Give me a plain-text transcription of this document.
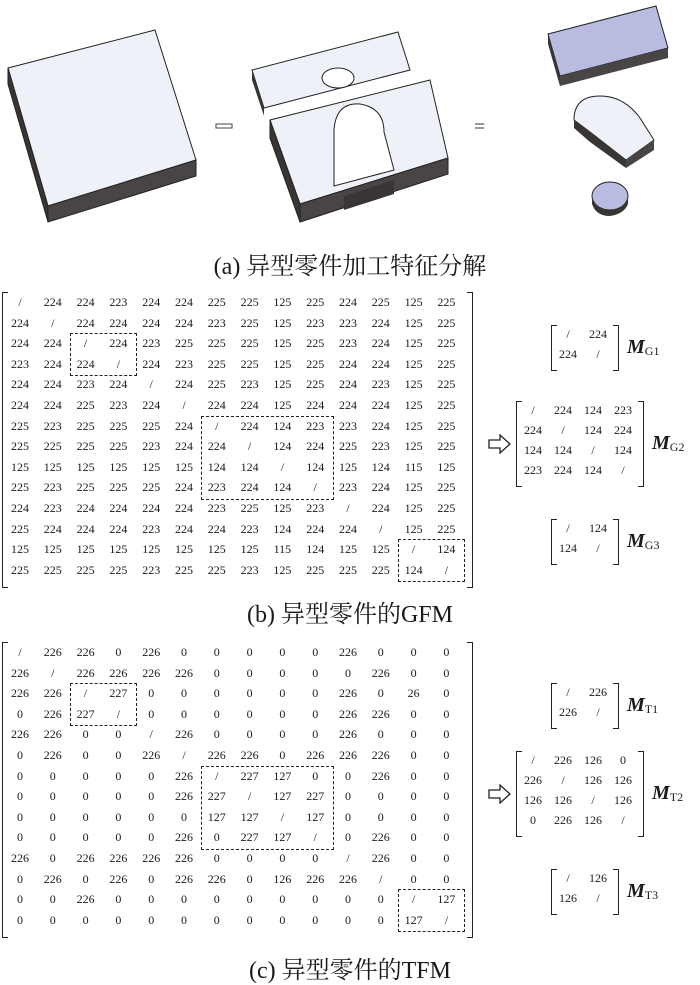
=
(a) 异型零件加工特征分解
/	224	224	223	224	224	225	225	125	225	224	225	125	225
224	/	224	224	224	224	223	225	125	223	223	224	125	225
224	224	/	224	223	225	225	225	125	225	223	224	125	225
223	224	224	/	224	223	225	225	125	225	224	224	125	225
224	224	223	224	/	224	225	223	125	225	224	223	125	225
224	224	225	223	224	/	224	224	125	224	224	224	125	225
225	223	225	225	225	224	/	224	124	223	223	224	125	225
225	225	225	225	223	224	224	/	124	224	225	223	125	225
125	125	125	125	125	125	124	124	/	124	125	124	115	125
225	223	225	225	225	224	223	224	124	/	223	224	125	225
224	223	224	224	224	224	223	225	125	223	/	224	125	225
225	224	224	224	223	224	224	223	124	224	224	/	125	225
125	125	125	125	125	125	125	125	115	124	125	125	/	124
225	225	225	225	223	225	225	223	125	225	225	225	124	/
/	224
224	/	$M_{G1}$
/	224	124	223
224	/	124	224
124	124	/	124
223	224	124	/
$M_{G2}$
/	124
124	/	$M_{G3}$
(b) 异型零件的GFM
/	226	226	0	226	0	0	0	0	0	226	0	0	0
226	/	226	226	226	226	0	0	0	0	0	226	0	0
226	226	/	227	0	0	0	0	0	0	226	0	26	0
0	226	227	/	0	0	0	0	0	0	226	226	0	0
226	226	0	0	/	226	0	0	0	0	226	0	0	0
0	226	0	0	226	/	226	226	0	226	226	226	0	0
0	0	0	0	0	226	/	227	127	0	0	226	0	0
0	0	0	0	0	226	227	/	127	227	0	0	0	0
0	0	0	0	0	0	127	127	/	127	0	0	0	0
0	0	0	0	0	226	0	227	127	/	0	226	0	0
226	0	226	226	226	226	0	0	0	0	/	226	0	0
0	226	0	226	0	226	226	0	126	226	226	/	0	0
0	0	226	0	0	0	0	0	0	0	0	0	/	127
0	0	0	0	0	0	0	0	0	0	0	0	127	/
/	226
226	/	$M_{T1}$
/	226	126	0
226	/	126	126
126	126	/	126
0	226	126	/
$M_{T2}$
/	126
126	/	$M_{T3}$
(c) 异型零件的TFM
